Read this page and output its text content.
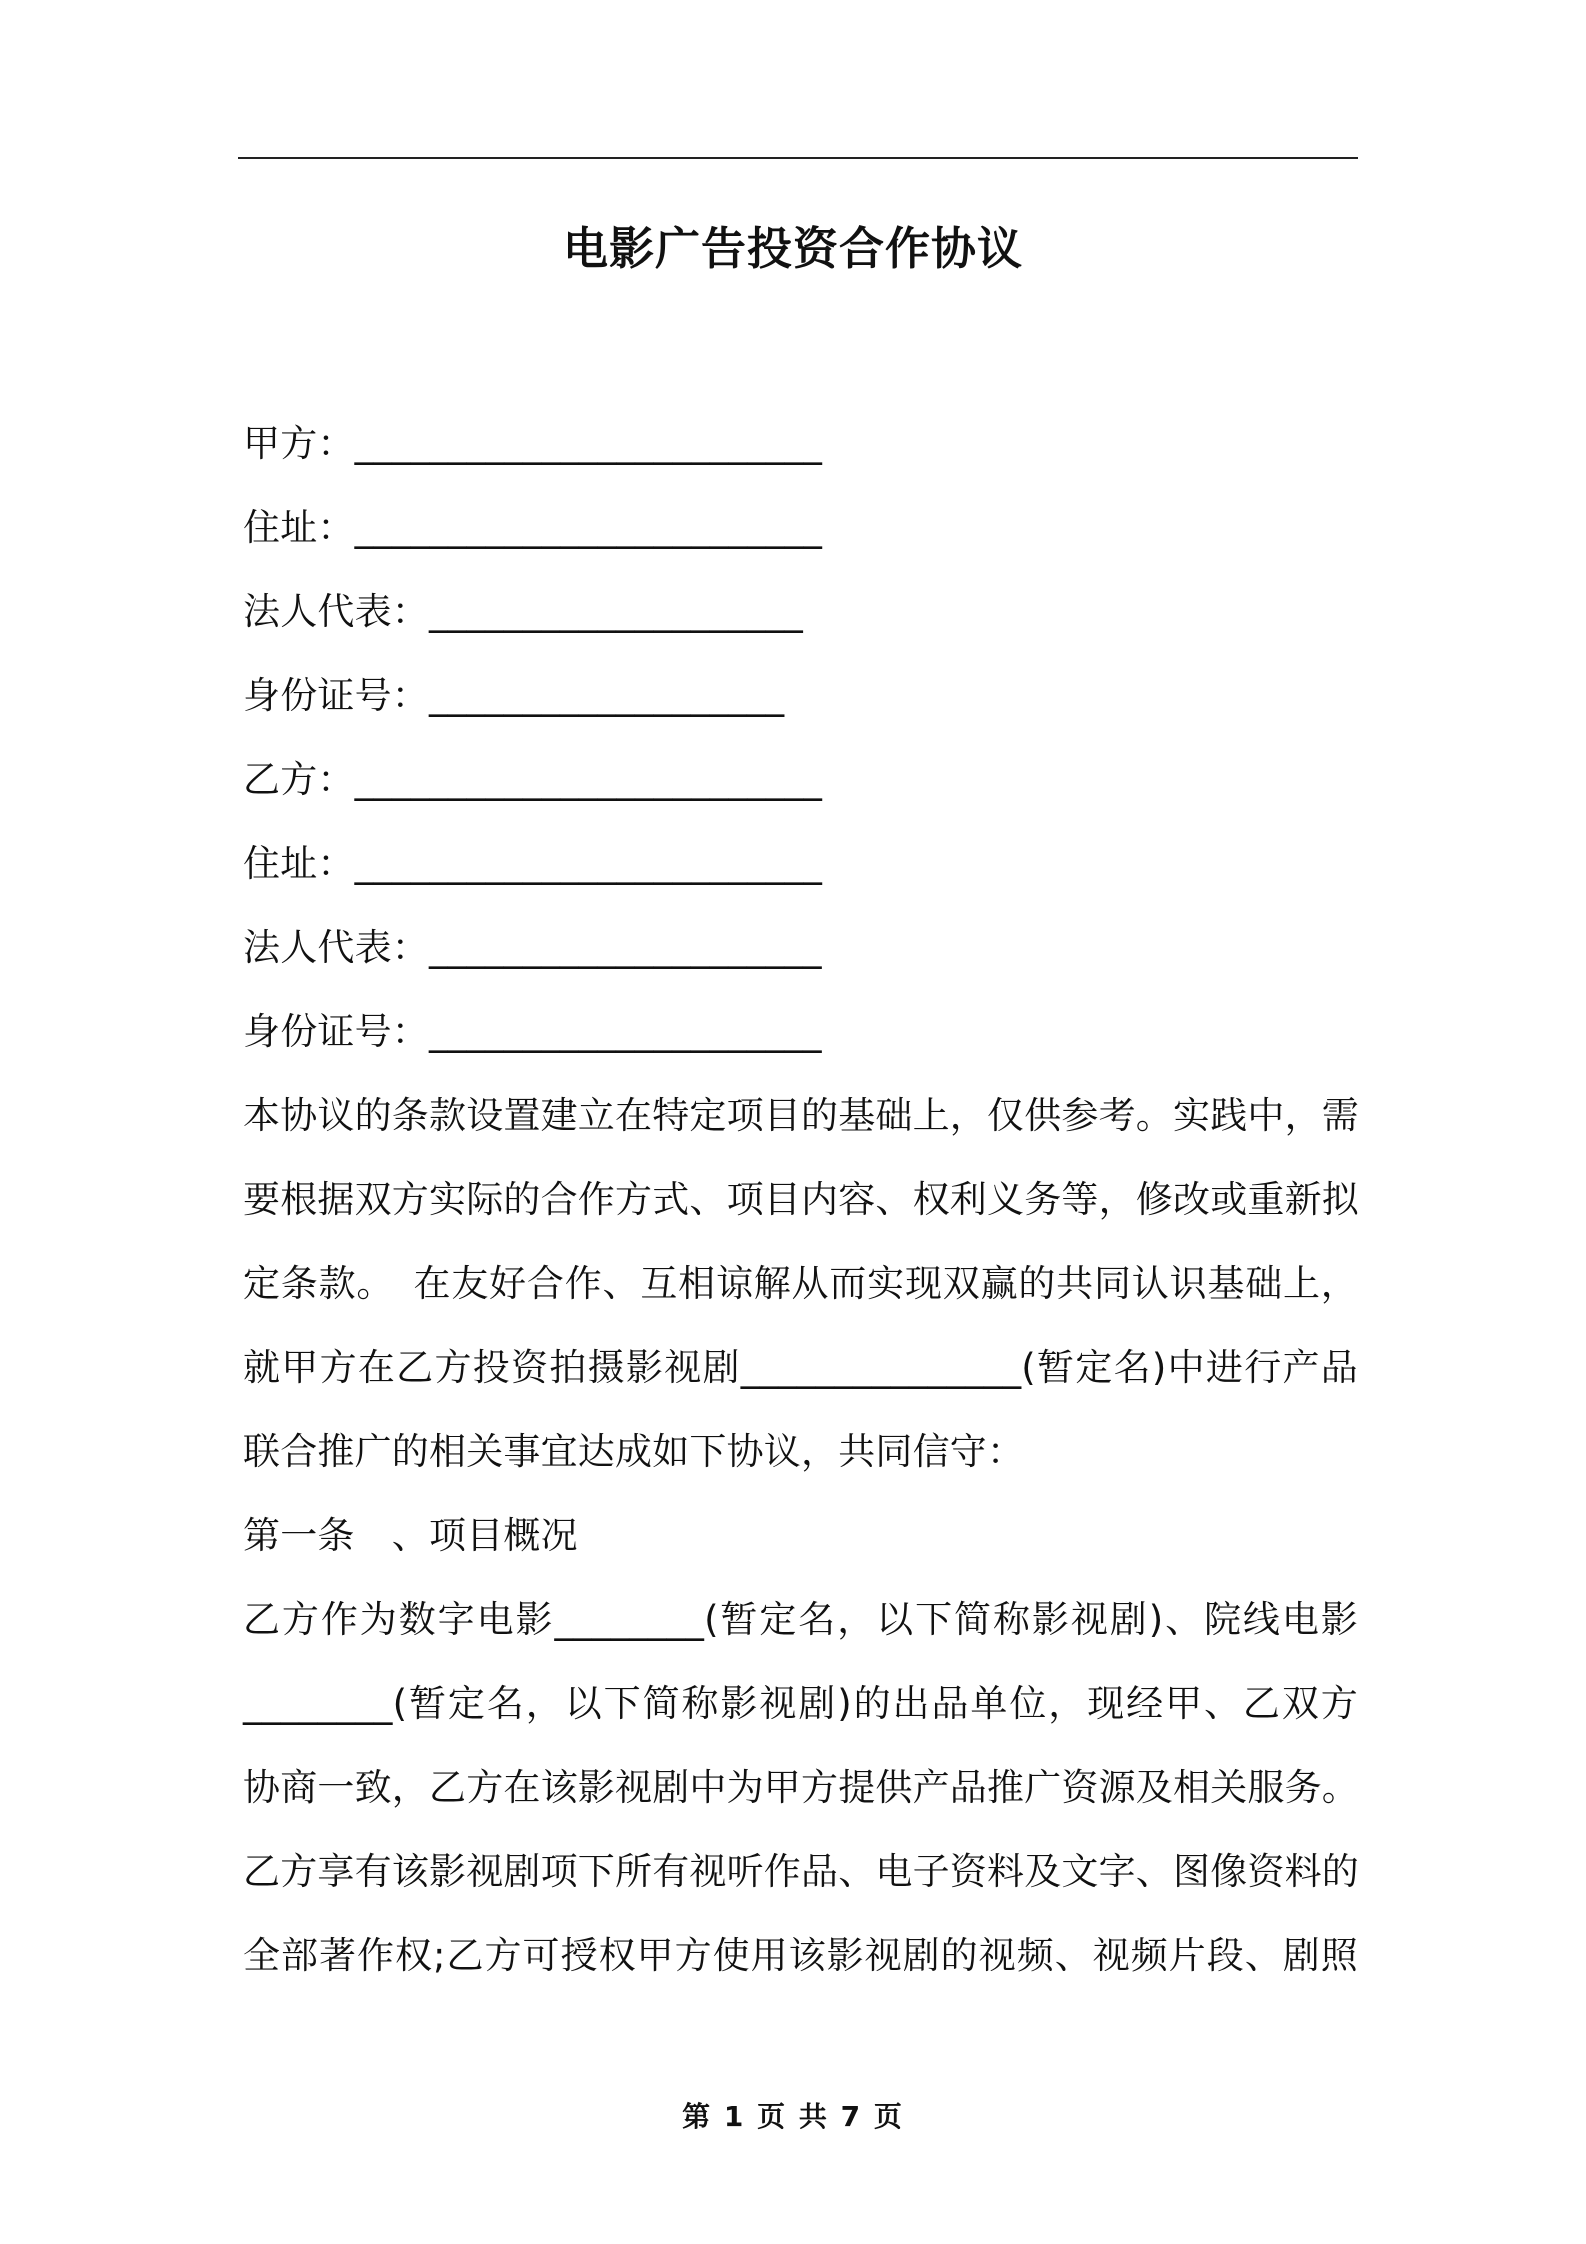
电影广告投资合作协议
甲方：_________________________
住址：_________________________
法人代表：____________________
身份证号：___________________
乙方：_________________________
住址：_________________________
法人代表：_____________________
身份证号：_____________________
本协议的条款设置建立在特定项目的基础上，仅供参考。实践中，需
要根据双方实际的合作方式、项目内容、权利义务等，修改或重新拟
定条款。　在友好合作、互相谅解从而实现双赢的共同认识基础上，
就甲方在乙方投资拍摄影视剧_______________(暂定名)中进行产品
联合推广的相关事宜达成如下协议，共同信守：
第一条　、项目概况
乙方作为数字电影________(暂定名，以下简称影视剧)、院线电影
________(暂定名，以下简称影视剧)的出品单位，现经甲、乙双方
协商一致，乙方在该影视剧中为甲方提供产品推广资源及相关服务。
乙方享有该影视剧项下所有视听作品、电子资料及文字、图像资料的
全部著作权;乙方可授权甲方使用该影视剧的视频、视频片段、剧照
第 1 页 共 7 页
